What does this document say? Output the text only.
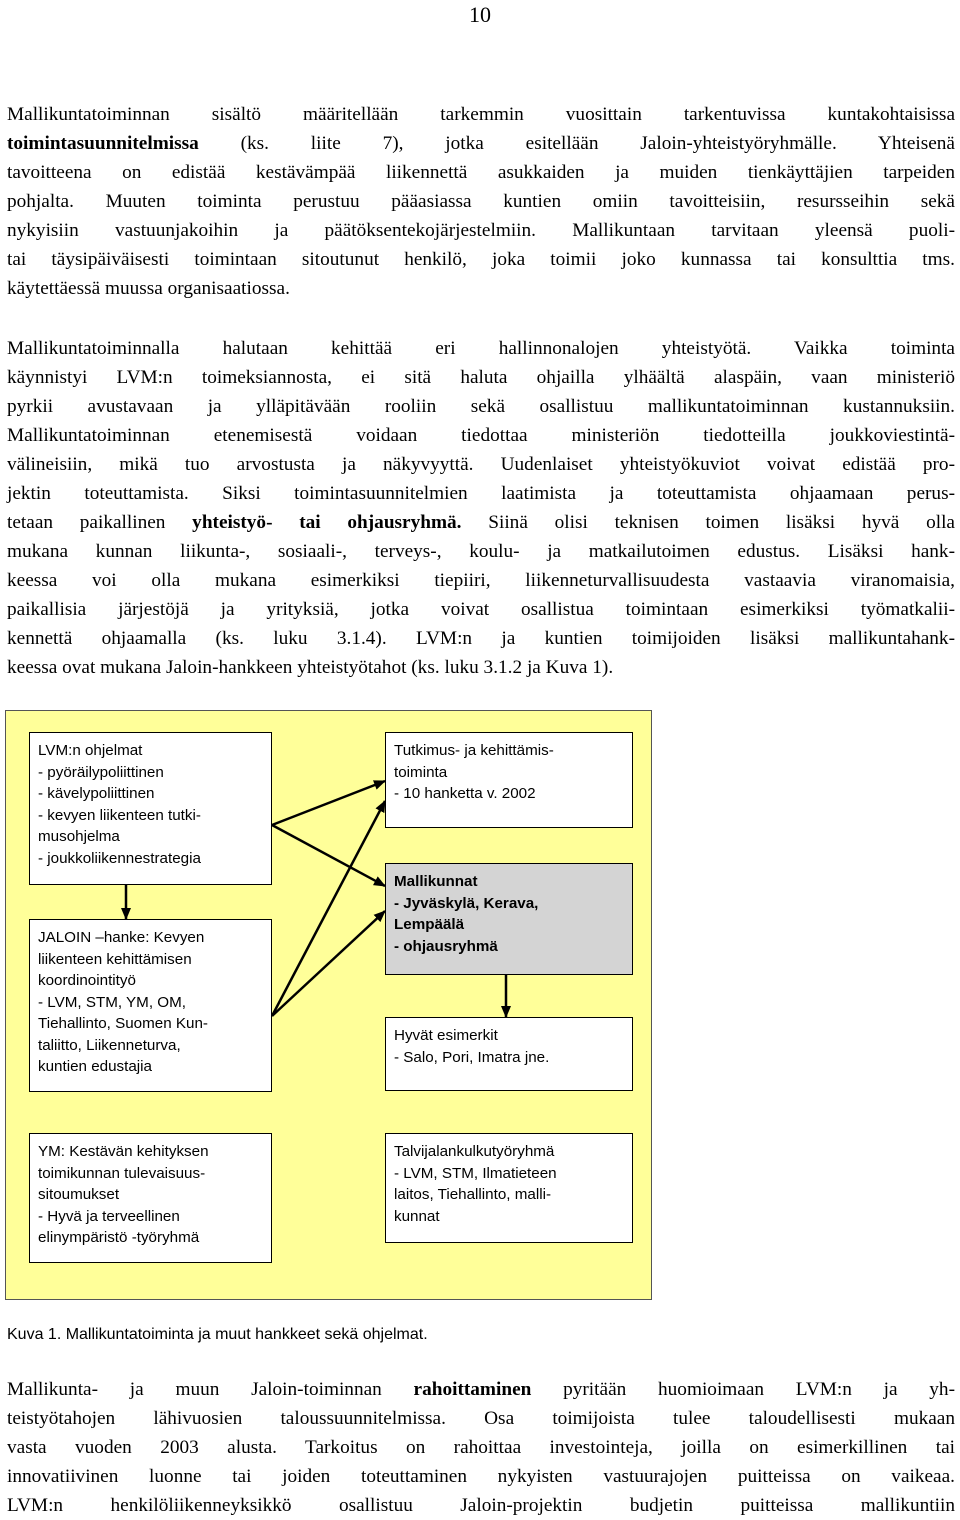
10
Mallikuntatoiminnan sisältö määritellään tarkemmin vuosittain tarkentuvissa kuntakohtaisissa
toimintasuunnitelmissa (ks. liite 7), jotka esitellään Jaloin-yhteistyöryhmälle. Yhteisenä
tavoitteena on edistää kestävämpää liikennettä asukkaiden ja muiden tienkäyttäjien tarpeiden
pohjalta. Muuten toiminta perustuu pääasiassa kuntien omiin tavoitteisiin, resursseihin sekä
nykyisiin vastuunjakoihin ja päätöksentekojärjestelmiin. Mallikuntaan tarvitaan yleensä puoli-
tai täysipäiväisesti toimintaan sitoutunut henkilö, joka toimii joko kunnassa tai konsulttia tms.
käytettäessä muussa organisaatiossa.
Mallikuntatoiminnalla halutaan kehittää eri hallinnonalojen yhteistyötä. Vaikka toiminta
käynnistyi LVM:n toimeksiannosta, ei sitä haluta ohjailla ylhäältä alaspäin, vaan ministeriö
pyrkii avustavaan ja ylläpitävään rooliin sekä osallistuu mallikuntatoiminnan kustannuksiin.
Mallikuntatoiminnan etenemisestä voidaan tiedottaa ministeriön tiedotteilla joukkoviestintä-
välineisiin, mikä tuo arvostusta ja näkyvyyttä. Uudenlaiset yhteistyökuviot voivat edistää pro-
jektin toteuttamista. Siksi toimintasuunnitelmien laatimista ja toteuttamista ohjaamaan perus-
tetaan paikallinen yhteistyö- tai ohjausryhmä. Siinä olisi teknisen toimen lisäksi hyvä olla
mukana kunnan liikunta-, sosiaali-, terveys-, koulu- ja matkailutoimen edustus. Lisäksi hank-
keessa voi olla mukana esimerkiksi tiepiiri, liikenneturvallisuudesta vastaavia viranomaisia,
paikallisia järjestöjä ja yrityksiä, jotka voivat osallistua toimintaan esimerkiksi työmatkalii-
kennettä ohjaamalla (ks. luku 3.1.4). LVM:n ja kuntien toimijoiden lisäksi mallikuntahank-
keessa ovat mukana Jaloin-hankkeen yhteistyötahot (ks. luku 3.1.2 ja Kuva 1).
LVM:n ohjelmat
- pyöräilypoliittinen
- kävelypoliittinen
- kevyen liikenteen tutki-
musohjelma
- joukkoliikennestrategia
JALOIN –hanke: Kevyen
liikenteen kehittämisen
koordinointityö
- LVM, STM, YM, OM,
Tiehallinto, Suomen Kun-
taliitto, Liikenneturva,
kuntien edustajia
YM: Kestävän kehityksen
toimikunnan tulevaisuus-
sitoumukset
- Hyvä ja terveellinen
elinympäristö -työryhmä
Tutkimus- ja kehittämis-
toiminta
- 10 hanketta v. 2002
Mallikunnat
- Jyväskylä, Kerava,
Lempäälä
- ohjausryhmä
Hyvät esimerkit
- Salo, Pori, Imatra jne.
Talvijalankulkutyöryhmä
- LVM, STM, Ilmatieteen
laitos, Tiehallinto, malli-
kunnat
Kuva 1. Mallikuntatoiminta ja muut hankkeet sekä ohjelmat.
Mallikunta- ja muun Jaloin-toiminnan rahoittaminen pyritään huomioimaan LVM:n ja yh-
teistyötahojen lähivuosien taloussuunnitelmissa. Osa toimijoista tulee taloudellisesti mukaan
vasta vuoden 2003 alusta. Tarkoitus on rahoittaa investointeja, joilla on esimerkillinen tai
innovatiivinen luonne tai joiden toteuttaminen nykyisten vastuurajojen puitteissa on vaikeaa.
LVM:n henkilöliikenneyksikkö osallistuu Jaloin-projektin budjetin puitteissa mallikuntiin
